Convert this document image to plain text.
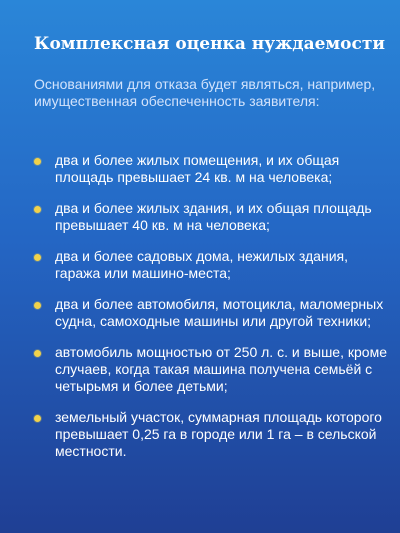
Комплексная оценка нуждаемости
Основаниями для отказа будет являться, например, имущественная обеспеченность заявителя:
два и более жилых помещения, и их общая площадь превышает 24 кв. м на человека;
два и более жилых здания, и их общая площадь превышает 40 кв. м на человека;
два и более садовых дома, нежилых здания, гаража или машино-места;
два и более автомобиля, мотоцикла, маломерных судна, самоходные машины или другой техники;
автомобиль мощностью от 250 л. с. и выше, кроме случаев, когда такая машина получена семьёй с четырьмя и более детьми;
земельный участок, суммарная площадь которого превышает 0,25 га в городе или 1 га – в сельской местности.
